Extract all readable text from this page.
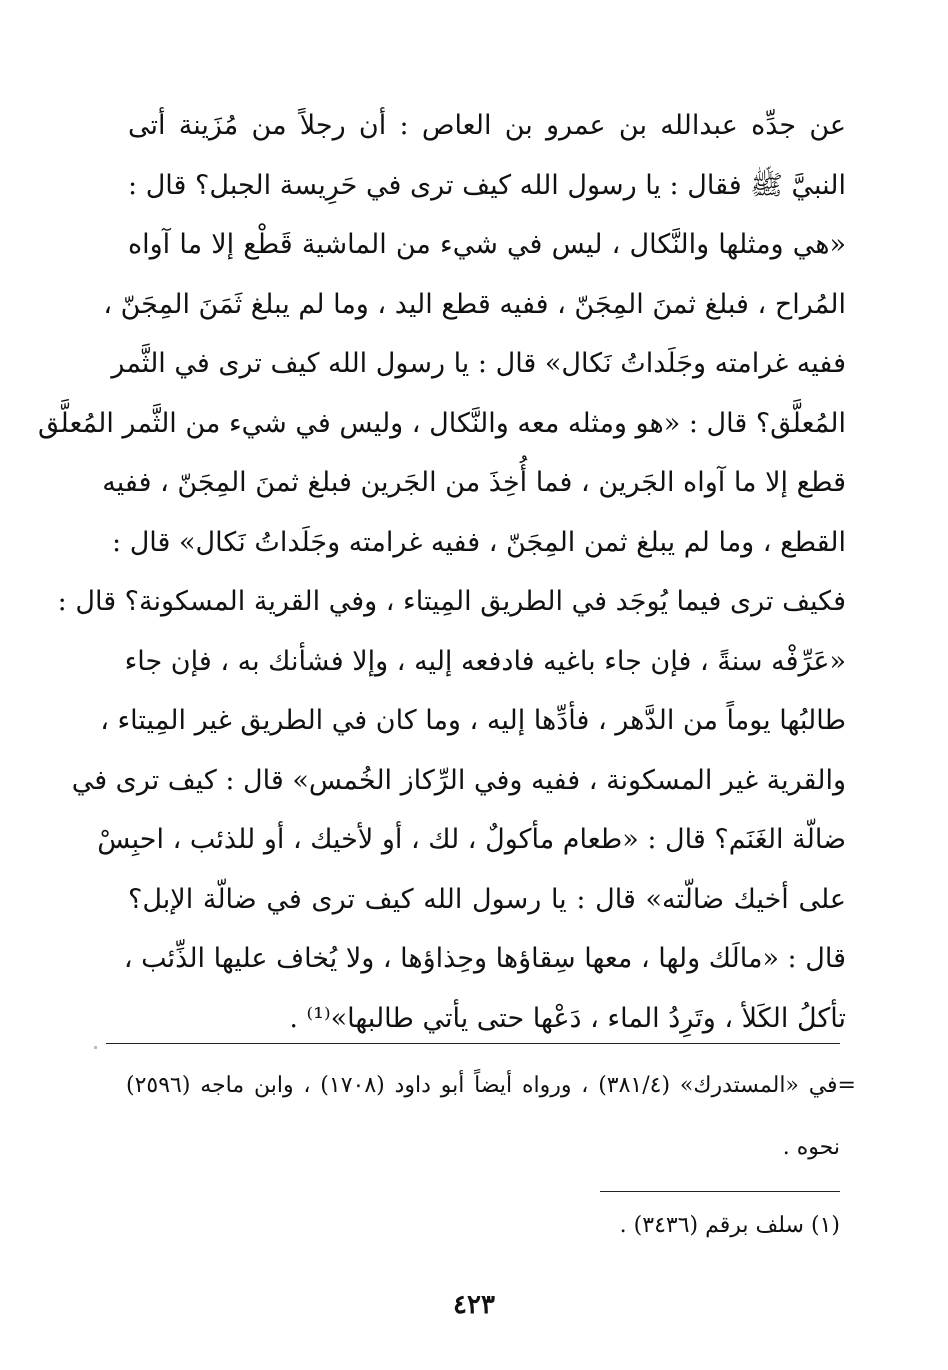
عن جدِّه عبدالله بن عمرو بن العاص : أن رجلاً من مُزَينة أتى
النبيَّ ﷺ فقال : يا رسول الله كيف ترى في حَرِيسة الجبل؟ قال :
«هي ومثلها والنَّكال ، ليس في شيء من الماشية قَطْع إلا ما آواه
المُراح ، فبلغ ثمنَ المِجَنّ ، ففيه قطع اليد ، وما لم يبلغ ثَمَنَ المِجَنّ ،
ففيه غرامته وجَلَداتُ نَكال» قال : يا رسول الله كيف ترى في الثَّمر
المُعلَّق؟ قال : «هو ومثله معه والنَّكال ، وليس في شيء من الثَّمر المُعلَّق
قطع إلا ما آواه الجَرين ، فما أُخِذَ من الجَرين فبلغ ثمنَ المِجَنّ ، ففيه
القطع ، وما لم يبلغ ثمن المِجَنّ ، ففيه غرامته وجَلَداتُ نَكال» قال :
فكيف ترى فيما يُوجَد في الطريق المِيتاء ، وفي القرية المسكونة؟ قال :
«عَرِّفْه سنةً ، فإن جاء باغيه فادفعه إليه ، وإلا فشأنك به ، فإن جاء
طالبُها يوماً من الدَّهر ، فأدِّها إليه ، وما كان في الطريق غير المِيتاء ،
والقرية غير المسكونة ، ففيه وفي الرِّكاز الخُمس» قال : كيف ترى في
ضالّة الغَنَم؟ قال : «طعام مأكولٌ ، لك ، أو لأخيك ، أو للذئب ، احبِسْ
على أخيك ضالّته» قال : يا رسول الله كيف ترى في ضالّة الإبل؟
قال : «مالَك ولها ، معها سِقاؤها وحِذاؤها ، ولا يُخاف عليها الذِّئب ،
تأكلُ الكَلأ ، وتَرِدُ الماء ، دَعْها حتى يأتي طالبها»⁽¹⁾ .
=في «المستدرك» (٣٨١/٤) ، ورواه أيضاً أبو داود (١٧٠٨) ، وابن ماجه (٢٥٩٦)
نحوه .
(١) سلف برقم (٣٤٣٦) .
٤٢٣
